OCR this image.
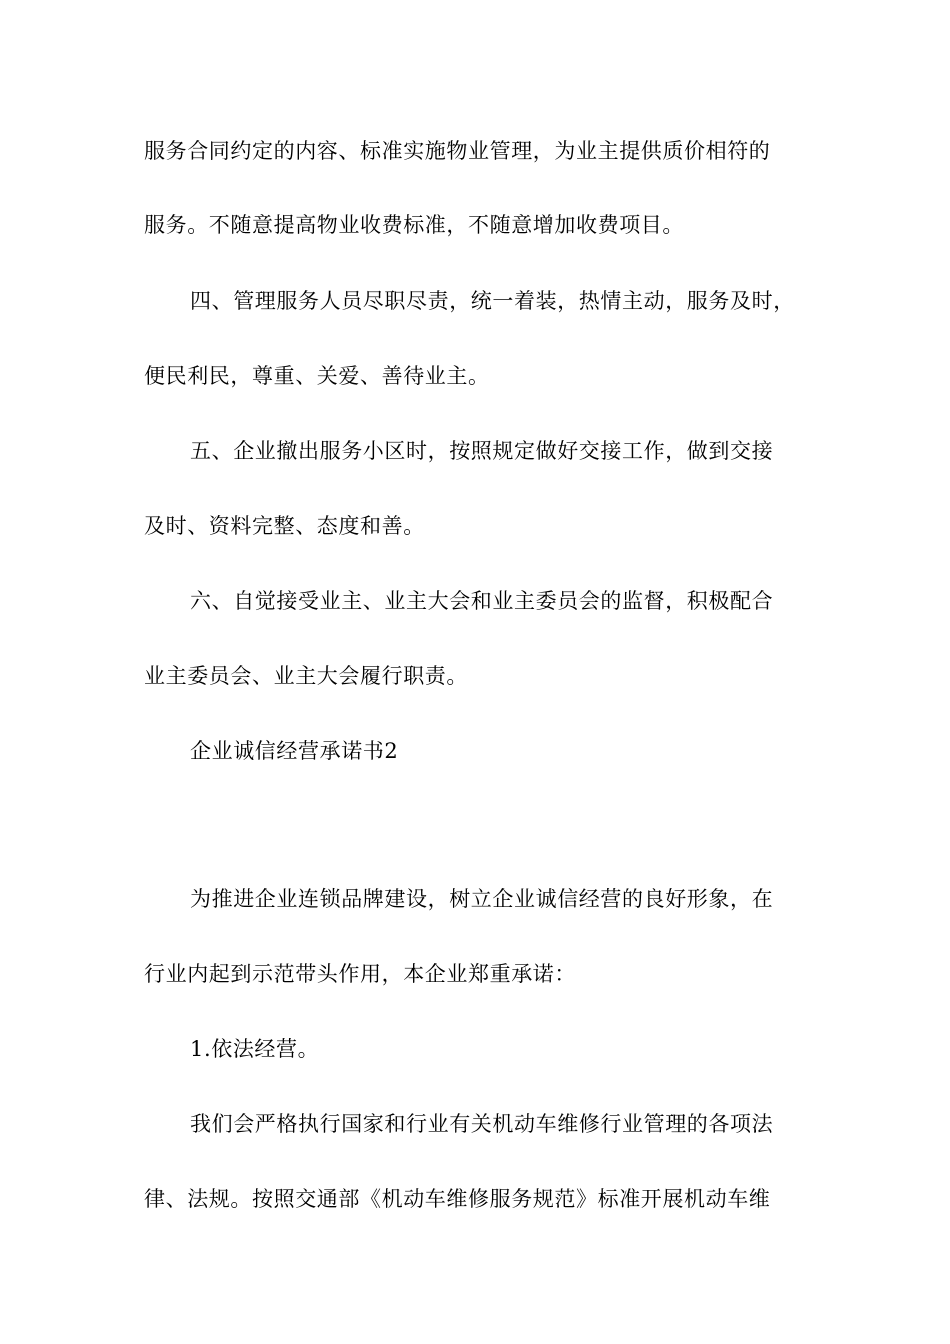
服务合同约定的内容、标准实施物业管理，为业主提供质价相符的
服务。不随意提高物业收费标准，不随意增加收费项目。
四、管理服务人员尽职尽责，统一着装，热情主动，服务及时，
便民利民，尊重、关爱、善待业主。
五、企业撤出服务小区时，按照规定做好交接工作，做到交接
及时、资料完整、态度和善。
六、自觉接受业主、业主大会和业主委员会的监督，积极配合
业主委员会、业主大会履行职责。
企业诚信经营承诺书2
为推进企业连锁品牌建设，树立企业诚信经营的良好形象，在
行业内起到示范带头作用，本企业郑重承诺：
1.依法经营。
我们会严格执行国家和行业有关机动车维修行业管理的各项法
律、法规。按照交通部《机动车维修服务规范》标准开展机动车维
